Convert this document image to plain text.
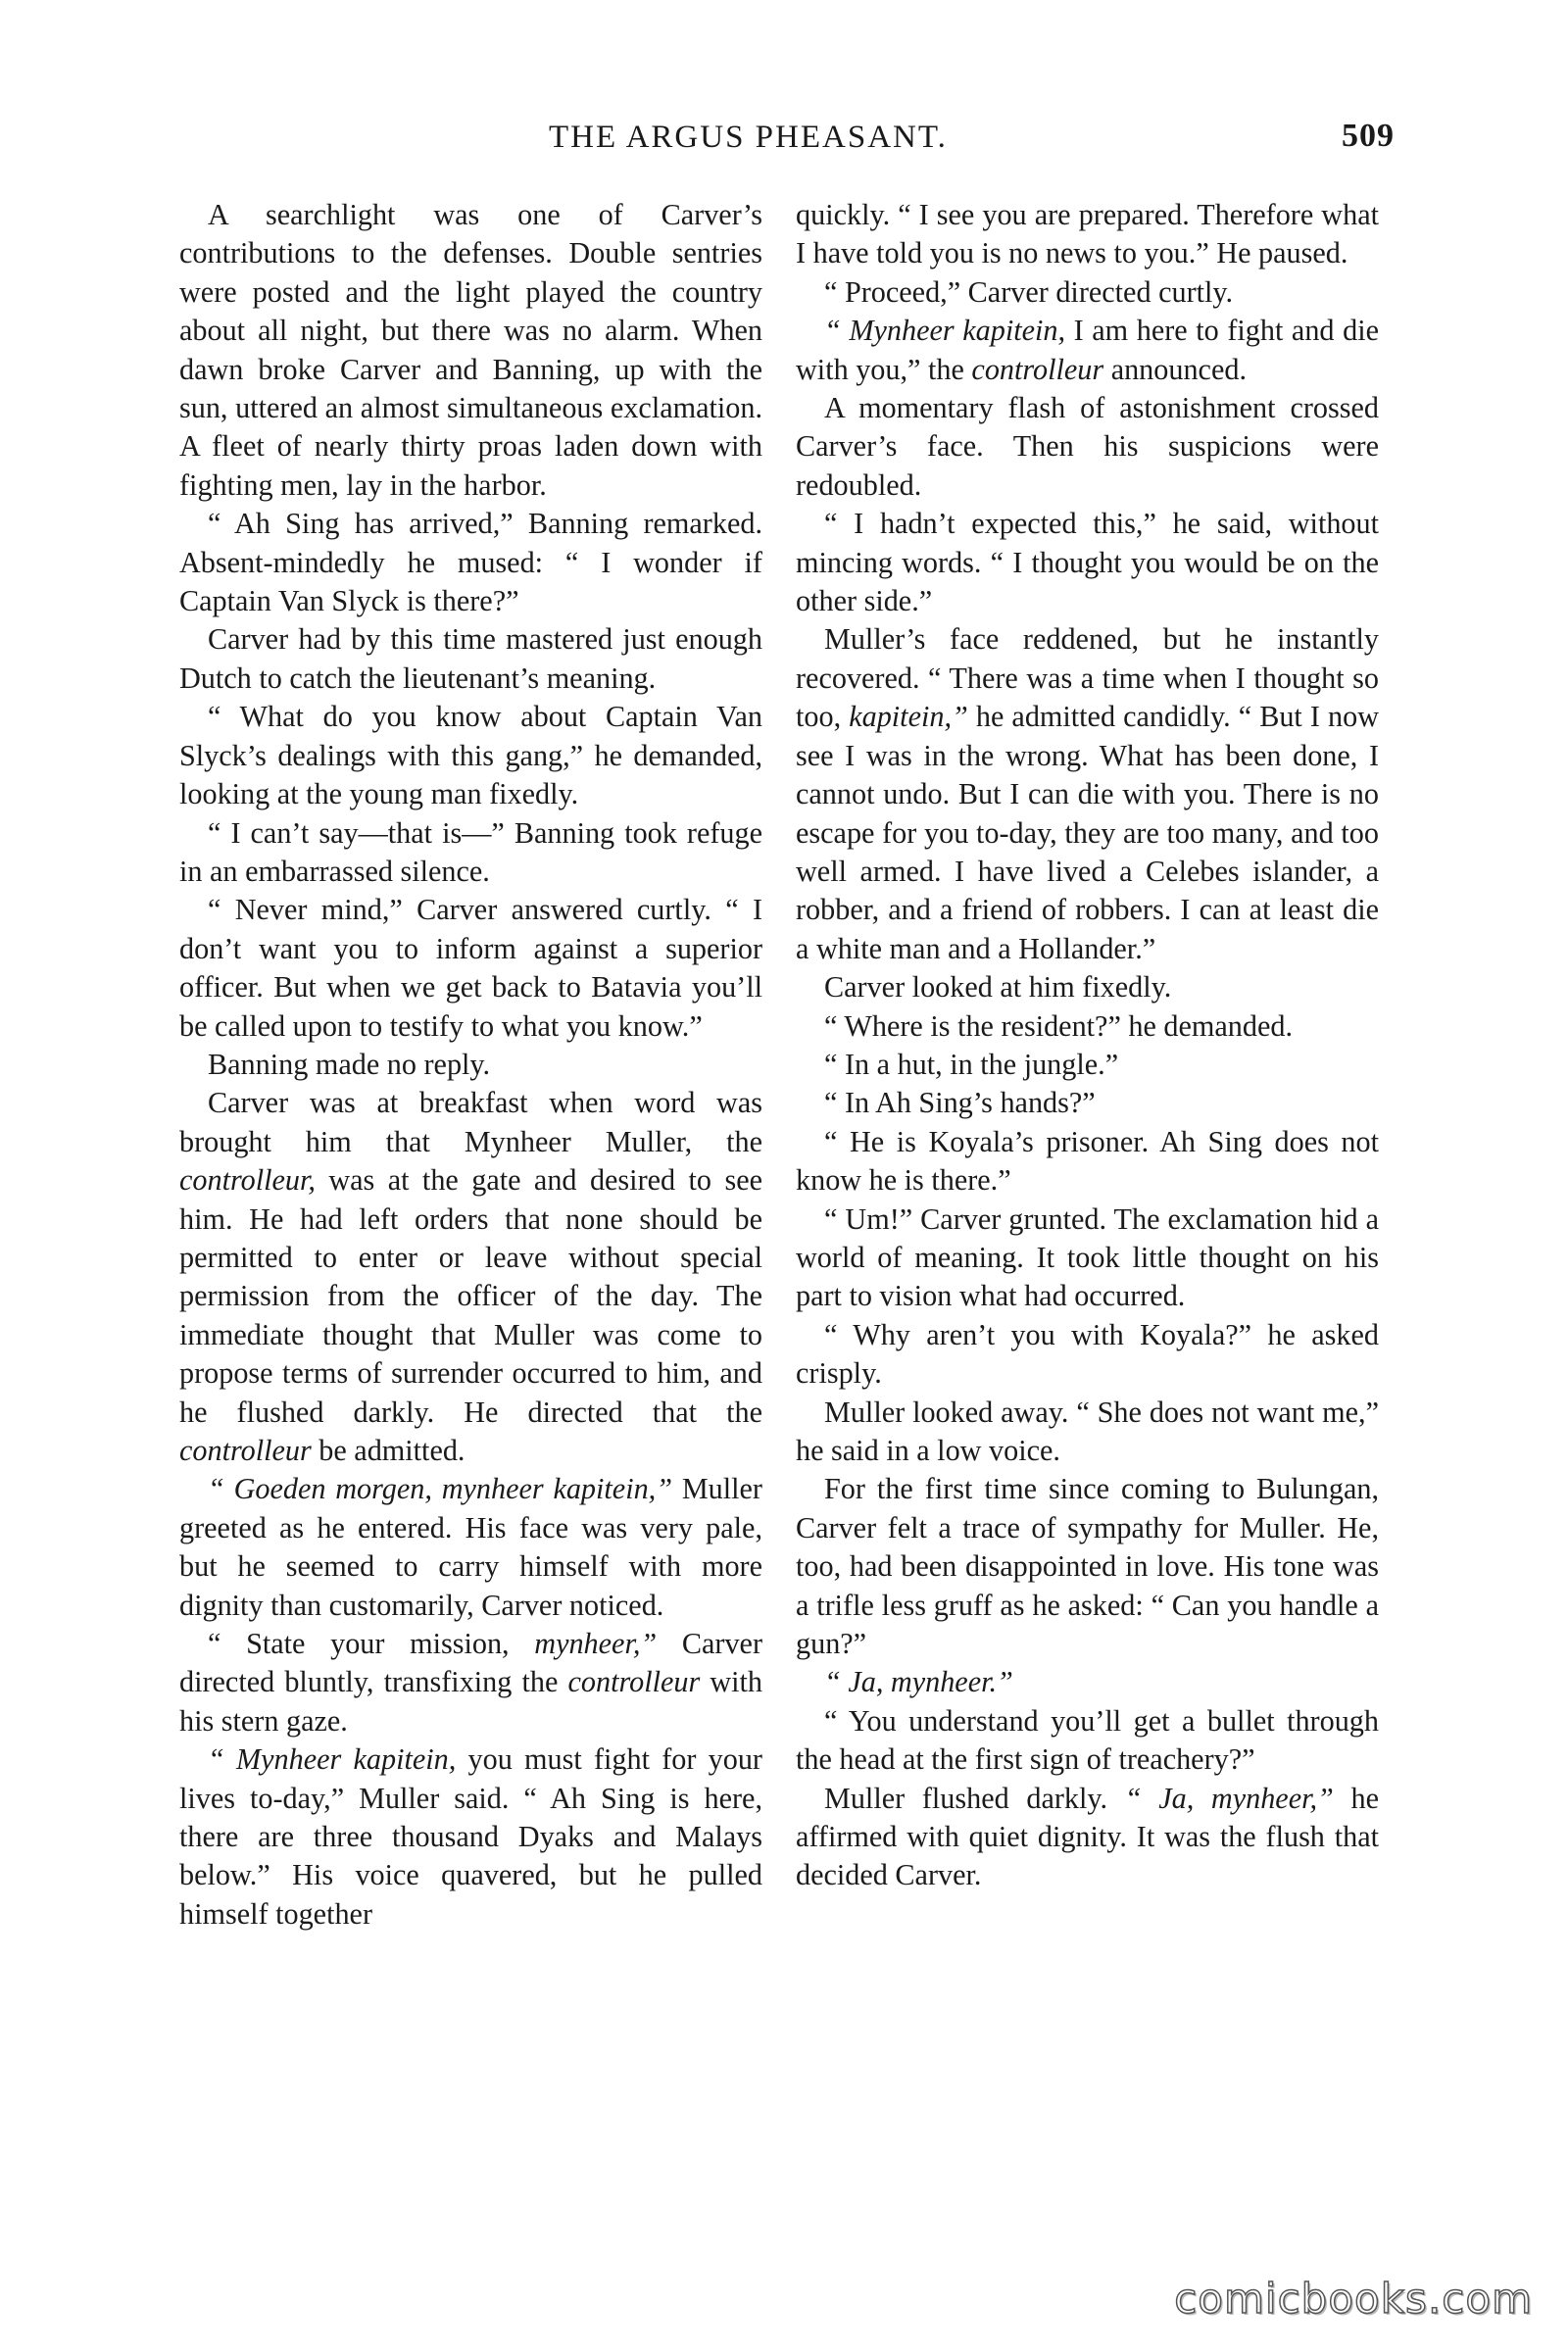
THE ARGUS PHEASANT.	509

A searchlight was one of Carver’s contributions to the defenses. Double sentries were posted and the light played the country about all night, but there was no alarm. When dawn broke Carver and Banning, up with the sun, uttered an almost simultaneous exclamation. A fleet of nearly thirty proas laden down with fighting men, lay in the harbor.

“ Ah Sing has arrived,” Banning remarked. Absent-mindedly he mused: “ I wonder if Captain Van Slyck is there?”

Carver had by this time mastered just enough Dutch to catch the lieutenant’s meaning.

“ What do you know about Captain Van Slyck’s dealings with this gang,” he demanded, looking at the young man fixedly.

“ I can’t say—that is—” Banning took refuge in an embarrassed silence.

“ Never mind,” Carver answered curtly. “ I don’t want you to inform against a superior officer. But when we get back to Batavia you’ll be called upon to testify to what you know.”

Banning made no reply.

Carver was at breakfast when word was brought him that Mynheer Muller, the controlleur, was at the gate and desired to see him. He had left orders that none should be permitted to enter or leave without special permission from the officer of the day. The immediate thought that Muller was come to propose terms of surrender occurred to him, and he flushed darkly. He directed that the controlleur be admitted.

“ Goeden morgen, mynheer kapitein,” Muller greeted as he entered. His face was very pale, but he seemed to carry himself with more dignity than customarily, Carver noticed.

“ State your mission, mynheer,” Carver directed bluntly, transfixing the controlleur with his stern gaze.

“ Mynheer kapitein, you must fight for your lives to-day,” Muller said. “ Ah Sing is here, there are three thousand Dyaks and Malays below.” His voice quavered, but he pulled himself together

quickly. “ I see you are prepared. Therefore what I have told you is no news to you.” He paused.

“ Proceed,” Carver directed curtly.

“ Mynheer kapitein, I am here to fight and die with you,” the controlleur announced.

A momentary flash of astonishment crossed Carver’s face. Then his suspicions were redoubled.

“ I hadn’t expected this,” he said, without mincing words. “ I thought you would be on the other side.”

Muller’s face reddened, but he instantly recovered. “ There was a time when I thought so too, kapitein,” he admitted candidly. “ But I now see I was in the wrong. What has been done, I cannot undo. But I can die with you. There is no escape for you to-day, they are too many, and too well armed. I have lived a Celebes islander, a robber, and a friend of robbers. I can at least die a white man and a Hollander.”

Carver looked at him fixedly.

“ Where is the resident?” he demanded.

“ In a hut, in the jungle.”

“ In Ah Sing’s hands?”

“ He is Koyala’s prisoner. Ah Sing does not know he is there.”

“ Um!” Carver grunted. The exclamation hid a world of meaning. It took little thought on his part to vision what had occurred.

“ Why aren’t you with Koyala?” he asked crisply.

Muller looked away. “ She does not want me,” he said in a low voice.

For the first time since coming to Bulungan, Carver felt a trace of sympathy for Muller. He, too, had been disappointed in love. His tone was a trifle less gruff as he asked: “ Can you handle a gun?”

“ Ja, mynheer.”

“ You understand you’ll get a bullet through the head at the first sign of treachery?”

Muller flushed darkly. “ Ja, mynheer,” he affirmed with quiet dignity. It was the flush that decided Carver.

comicbooks.com
